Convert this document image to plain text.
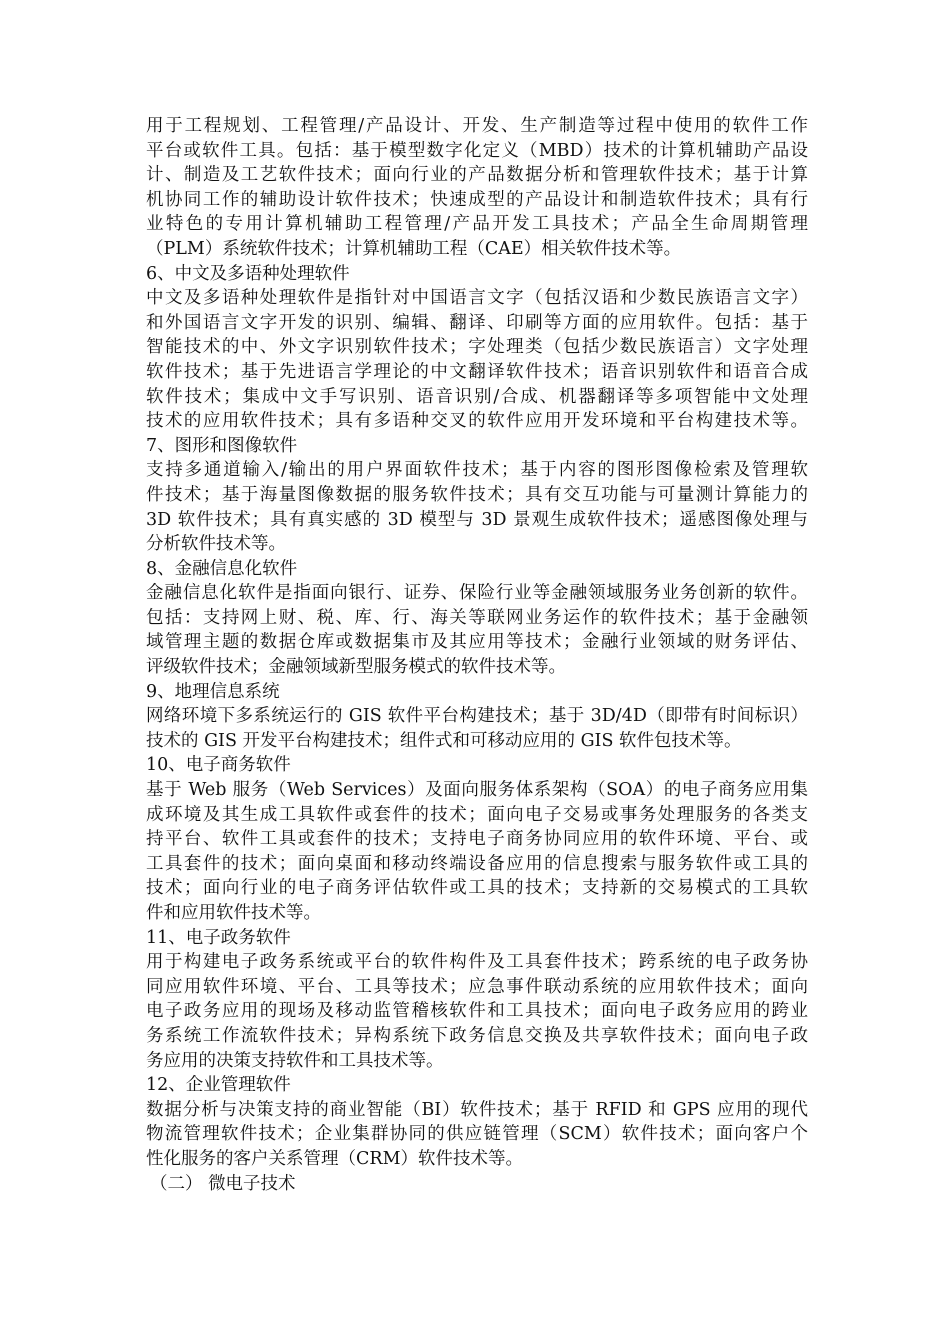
用于工程规划、工程管理/产品设计、开发、生产制造等过程中使用的软件工作
平台或软件工具。包括：基于模型数字化定义（MBD）技术的计算机辅助产品设
计、制造及工艺软件技术；面向行业的产品数据分析和管理软件技术；基于计算
机协同工作的辅助设计软件技术；快速成型的产品设计和制造软件技术；具有行
业特色的专用计算机辅助工程管理/产品开发工具技术；产品全生命周期管理
（PLM）系统软件技术；计算机辅助工程（CAE）相关软件技术等。
6、中文及多语种处理软件
中文及多语种处理软件是指针对中国语言文字（包括汉语和少数民族语言文字）
和外国语言文字开发的识别、编辑、翻译、印刷等方面的应用软件。包括：基于
智能技术的中、外文字识别软件技术；字处理类（包括少数民族语言）文字处理
软件技术；基于先进语言学理论的中文翻译软件技术；语音识别软件和语音合成
软件技术；集成中文手写识别、语音识别/合成、机器翻译等多项智能中文处理
技术的应用软件技术；具有多语种交叉的软件应用开发环境和平台构建技术等。
7、图形和图像软件
支持多通道输入/输出的用户界面软件技术；基于内容的图形图像检索及管理软
件技术；基于海量图像数据的服务软件技术；具有交互功能与可量测计算能力的
3D 软件技术；具有真实感的 3D 模型与 3D 景观生成软件技术；遥感图像处理与
分析软件技术等。
8、金融信息化软件
金融信息化软件是指面向银行、证券、保险行业等金融领域服务业务创新的软件。
包括：支持网上财、税、库、行、海关等联网业务运作的软件技术；基于金融领
域管理主题的数据仓库或数据集市及其应用等技术；金融行业领域的财务评估、
评级软件技术；金融领域新型服务模式的软件技术等。
9、地理信息系统
网络环境下多系统运行的 GIS 软件平台构建技术；基于 3D/4D（即带有时间标识）
技术的 GIS 开发平台构建技术；组件式和可移动应用的 GIS 软件包技术等。
10、电子商务软件
基于 Web 服务（Web Services）及面向服务体系架构（SOA）的电子商务应用集
成环境及其生成工具软件或套件的技术；面向电子交易或事务处理服务的各类支
持平台、软件工具或套件的技术；支持电子商务协同应用的软件环境、平台、或
工具套件的技术；面向桌面和移动终端设备应用的信息搜索与服务软件或工具的
技术；面向行业的电子商务评估软件或工具的技术；支持新的交易模式的工具软
件和应用软件技术等。
11、电子政务软件
用于构建电子政务系统或平台的软件构件及工具套件技术；跨系统的电子政务协
同应用软件环境、平台、工具等技术；应急事件联动系统的应用软件技术；面向
电子政务应用的现场及移动监管稽核软件和工具技术；面向电子政务应用的跨业
务系统工作流软件技术；异构系统下政务信息交换及共享软件技术；面向电子政
务应用的决策支持软件和工具技术等。
12、企业管理软件
数据分析与决策支持的商业智能（BI）软件技术；基于 RFID 和 GPS 应用的现代
物流管理软件技术；企业集群协同的供应链管理（SCM）软件技术；面向客户个
性化服务的客户关系管理（CRM）软件技术等。
（二） 微电子技术
